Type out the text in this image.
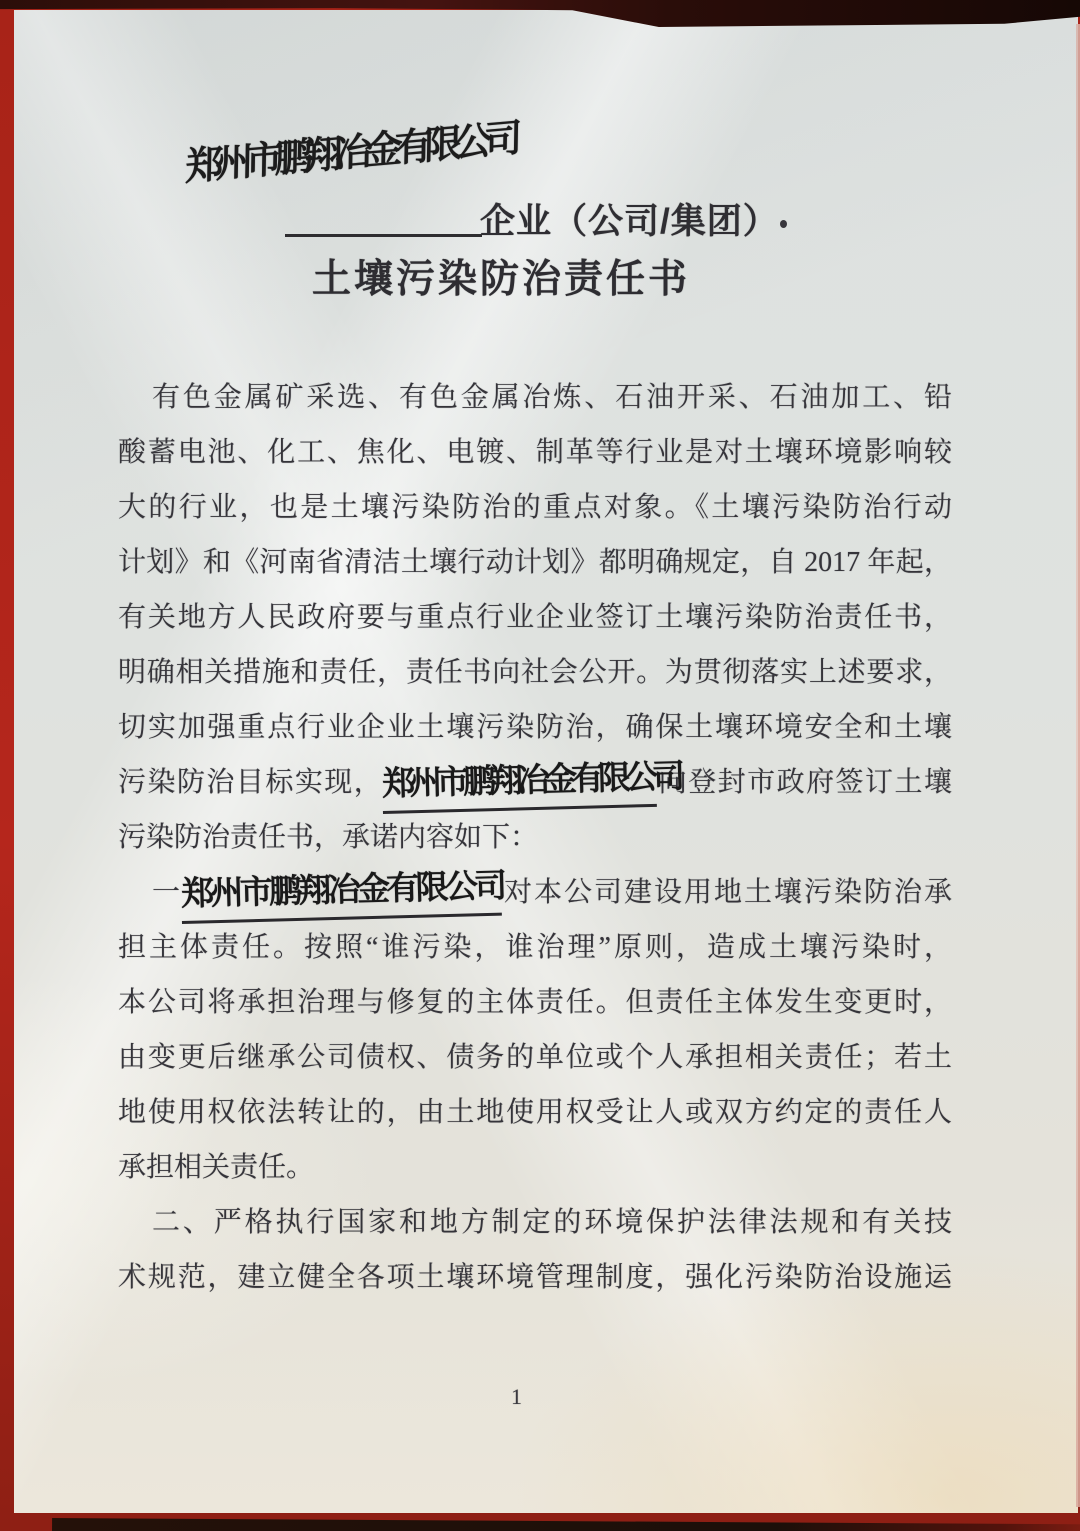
郑州市鹏翔冶金有限公司
企业（公司/集团）
土壤污染防治责任书
有色金属矿采选、有色金属冶炼、石油开采、石油加工、铅
酸蓄电池、化工、焦化、电镀、制革等行业是对土壤环境影响较
大的行业，也是土壤污染防治的重点对象。《土壤污染防治行动
计划》和《河南省清洁土壤行动计划》都明确规定，自 2017 年起，
有关地方人民政府要与重点行业企业签订土壤污染防治责任书，
明确相关措施和责任，责任书向社会公开。为贯彻落实上述要求，
切实加强重点行业企业土壤污染防治，确保土壤环境安全和土壤
污染防治目标实现，郑州市鹏翔冶金有限公司向登封市政府签订土壤
污染防治责任书，承诺内容如下：
一郑州市鹏翔冶金有限公司对本公司建设用地土壤污染防治承
担主体责任。按照“谁污染，谁治理”原则，造成土壤污染时，
本公司将承担治理与修复的主体责任。但责任主体发生变更时，
由变更后继承公司债权、债务的单位或个人承担相关责任；若土
地使用权依法转让的，由土地使用权受让人或双方约定的责任人
承担相关责任。
二、严格执行国家和地方制定的环境保护法律法规和有关技
术规范，建立健全各项土壤环境管理制度，强化污染防治设施运
1
